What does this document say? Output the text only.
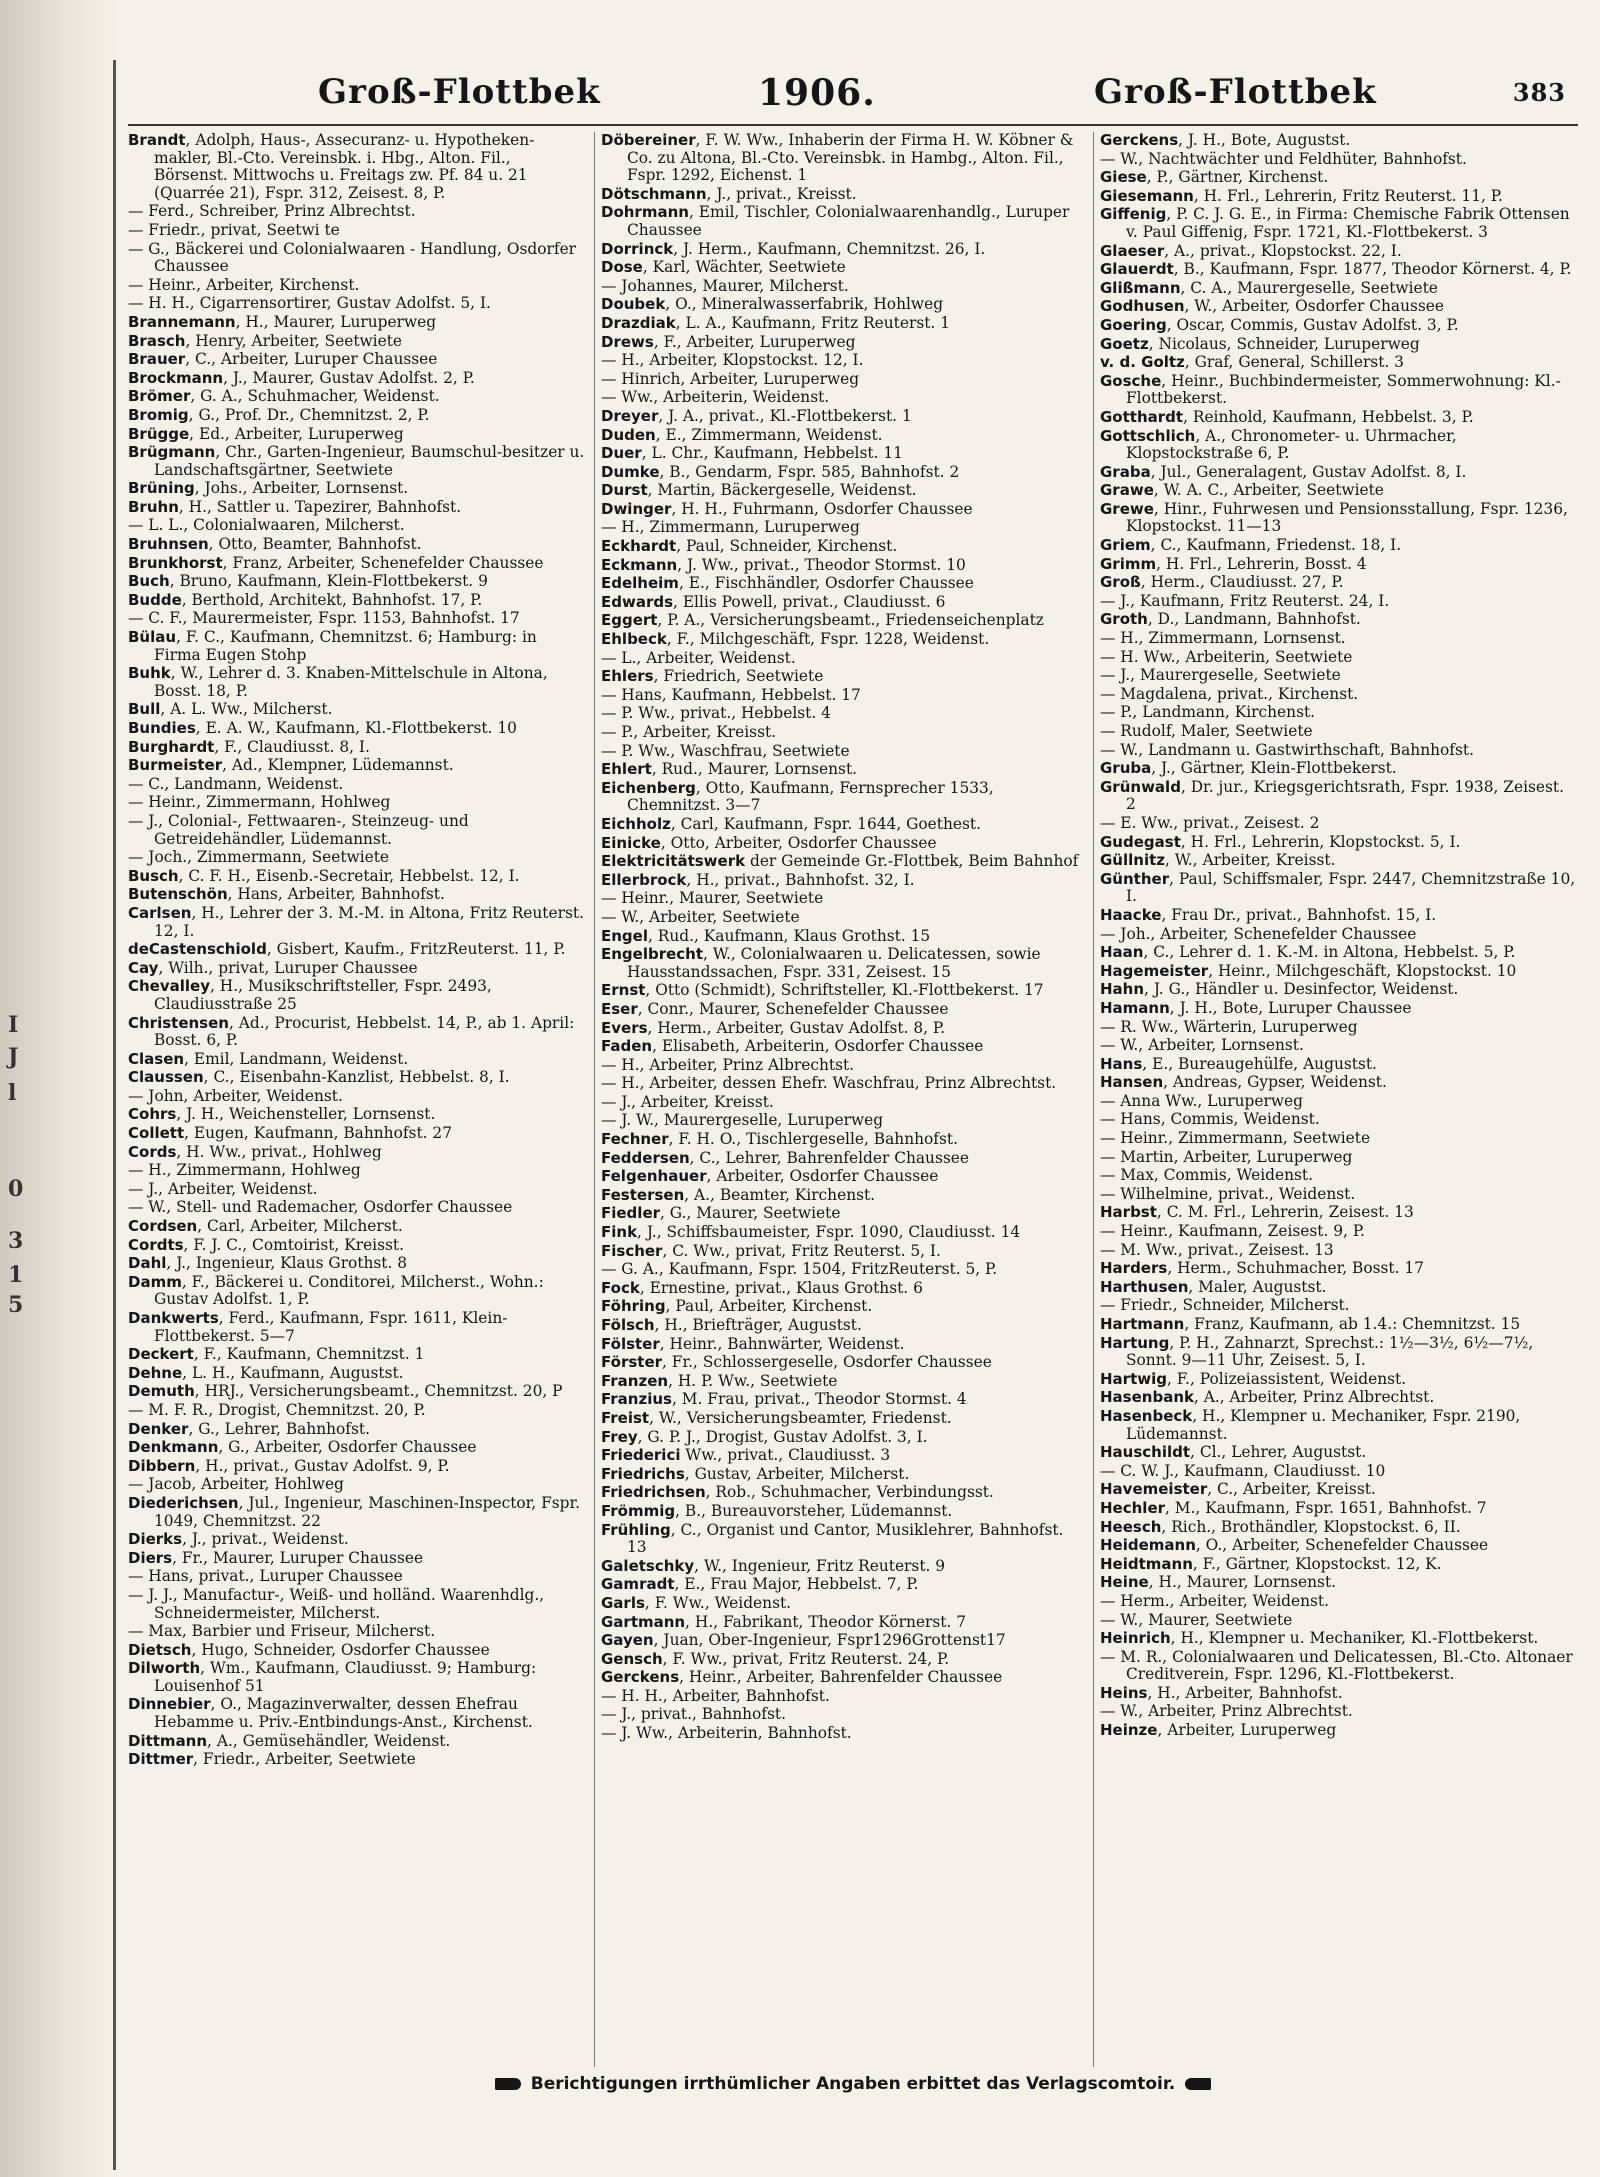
I
J
l
0
3
1
5
Groß-Flottbek	1906.	Groß-Flottbek	383
Brandt, Adolph, Haus-, Assecuranz- u. Hypotheken-makler, Bl.-Cto. Vereinsbk. i. Hbg., Alton. Fil., Börsenst. Mittwochs u. Freitags zw. Pf. 84 u. 21 (Quarrée 21), Fspr. 312, Zeisest. 8, P.
— Ferd., Schreiber, Prinz Albrechtst.
— Friedr., privat, Seetwi te
— G., Bäckerei und Colonialwaaren - Handlung, Osdorfer Chaussee
— Heinr., Arbeiter, Kirchenst.
— H. H., Cigarrensortirer, Gustav Adolfst. 5, I.
Brannemann, H., Maurer, Luruperweg
Brasch, Henry, Arbeiter, Seetwiete
Brauer, C., Arbeiter, Luruper Chaussee
Brockmann, J., Maurer, Gustav Adolfst. 2, P.
Brömer, G. A., Schuhmacher, Weidenst.
Bromig, G., Prof. Dr., Chemnitzst. 2, P.
Brügge, Ed., Arbeiter, Luruperweg
Brügmann, Chr., Garten-Ingenieur, Baumschul-besitzer u. Landschaftsgärtner, Seetwiete
Brüning, Johs., Arbeiter, Lornsenst.
Bruhn, H., Sattler u. Tapezirer, Bahnhofst.
— L. L., Colonialwaaren, Milcherst.
Bruhnsen, Otto, Beamter, Bahnhofst.
Brunkhorst, Franz, Arbeiter, Schenefelder Chaussee
Buch, Bruno, Kaufmann, Klein-Flottbekerst. 9
Budde, Berthold, Architekt, Bahnhofst. 17, P.
— C. F., Maurermeister, Fspr. 1153, Bahnhofst. 17
Bülau, F. C., Kaufmann, Chemnitzst. 6; Hamburg: in Firma Eugen Stohp
Buhk, W., Lehrer d. 3. Knaben-Mittelschule in Altona, Bosst. 18, P.
Bull, A. L. Ww., Milcherst.
Bundies, E. A. W., Kaufmann, Kl.-Flottbekerst. 10
Burghardt, F., Claudiusst. 8, I.
Burmeister, Ad., Klempner, Lüdemannst.
— C., Landmann, Weidenst.
— Heinr., Zimmermann, Hohlweg
— J., Colonial-, Fettwaaren-, Steinzeug- und Getreidehändler, Lüdemannst.
— Joch., Zimmermann, Seetwiete
Busch, C. F. H., Eisenb.-Secretair, Hebbelst. 12, I.
Butenschön, Hans, Arbeiter, Bahnhofst.
Carlsen, H., Lehrer der 3. M.-M. in Altona, Fritz Reuterst. 12, I.
deCastenschiold, Gisbert, Kaufm., FritzReuterst. 11, P.
Cay, Wilh., privat, Luruper Chaussee
Chevalley, H., Musikschriftsteller, Fspr. 2493, Claudiusstraße 25
Christensen, Ad., Procurist, Hebbelst. 14, P., ab 1. April: Bosst. 6, P.
Clasen, Emil, Landmann, Weidenst.
Claussen, C., Eisenbahn-Kanzlist, Hebbelst. 8, I.
— John, Arbeiter, Weidenst.
Cohrs, J. H., Weichensteller, Lornsenst.
Collett, Eugen, Kaufmann, Bahnhofst. 27
Cords, H. Ww., privat., Hohlweg
— H., Zimmermann, Hohlweg
— J., Arbeiter, Weidenst.
— W., Stell- und Rademacher, Osdorfer Chaussee
Cordsen, Carl, Arbeiter, Milcherst.
Cordts, F. J. C., Comtoirist, Kreisst.
Dahl, J., Ingenieur, Klaus Grothst. 8
Damm, F., Bäckerei u. Conditorei, Milcherst., Wohn.: Gustav Adolfst. 1, P.
Dankwerts, Ferd., Kaufmann, Fspr. 1611, Klein-Flottbekerst. 5—7
Deckert, F., Kaufmann, Chemnitzst. 1
Dehne, L. H., Kaufmann, Augustst.
Demuth, HRJ., Versicherungsbeamt., Chemnitzst. 20, P
— M. F. R., Drogist, Chemnitzst. 20, P.
Denker, G., Lehrer, Bahnhofst.
Denkmann, G., Arbeiter, Osdorfer Chaussee
Dibbern, H., privat., Gustav Adolfst. 9, P.
— Jacob, Arbeiter, Hohlweg
Diederichsen, Jul., Ingenieur, Maschinen-Inspector, Fspr. 1049, Chemnitzst. 22
Dierks, J., privat., Weidenst.
Diers, Fr., Maurer, Luruper Chaussee
— Hans, privat., Luruper Chaussee
— J. J., Manufactur-, Weiß- und holländ. Waarenhdlg., Schneidermeister, Milcherst.
— Max, Barbier und Friseur, Milcherst.
Dietsch, Hugo, Schneider, Osdorfer Chaussee
Dilworth, Wm., Kaufmann, Claudiusst. 9; Hamburg: Louisenhof 51
Dinnebier, O., Magazinverwalter, dessen Ehefrau Hebamme u. Priv.-Entbindungs-Anst., Kirchenst.
Dittmann, A., Gemüsehändler, Weidenst.
Dittmer, Friedr., Arbeiter, Seetwiete
Döbereiner, F. W. Ww., Inhaberin der Firma H. W. Köbner & Co. zu Altona, Bl.-Cto. Vereinsbk. in Hambg., Alton. Fil., Fspr. 1292, Eichenst. 1
Dötschmann, J., privat., Kreisst.
Dohrmann, Emil, Tischler, Colonialwaarenhandlg., Luruper Chaussee
Dorrinck, J. Herm., Kaufmann, Chemnitzst. 26, I.
Dose, Karl, Wächter, Seetwiete
— Johannes, Maurer, Milcherst.
Doubek, O., Mineralwasserfabrik, Hohlweg
Drazdiak, L. A., Kaufmann, Fritz Reuterst. 1
Drews, F., Arbeiter, Luruperweg
— H., Arbeiter, Klopstockst. 12, I.
— Hinrich, Arbeiter, Luruperweg
— Ww., Arbeiterin, Weidenst.
Dreyer, J. A., privat., Kl.-Flottbekerst. 1
Duden, E., Zimmermann, Weidenst.
Duer, L. Chr., Kaufmann, Hebbelst. 11
Dumke, B., Gendarm, Fspr. 585, Bahnhofst. 2
Durst, Martin, Bäckergeselle, Weidenst.
Dwinger, H. H., Fuhrmann, Osdorfer Chaussee
— H., Zimmermann, Luruperweg
Eckhardt, Paul, Schneider, Kirchenst.
Eckmann, J. Ww., privat., Theodor Stormst. 10
Edelheim, E., Fischhändler, Osdorfer Chaussee
Edwards, Ellis Powell, privat., Claudiusst. 6
Eggert, P. A., Versicherungsbeamt., Friedenseichenplatz
Ehlbeck, F., Milchgeschäft, Fspr. 1228, Weidenst.
— L., Arbeiter, Weidenst.
Ehlers, Friedrich, Seetwiete
— Hans, Kaufmann, Hebbelst. 17
— P. Ww., privat., Hebbelst. 4
— P., Arbeiter, Kreisst.
— P. Ww., Waschfrau, Seetwiete
Ehlert, Rud., Maurer, Lornsenst.
Eichenberg, Otto, Kaufmann, Fernsprecher 1533, Chemnitzst. 3—7
Eichholz, Carl, Kaufmann, Fspr. 1644, Goethest.
Einicke, Otto, Arbeiter, Osdorfer Chaussee
Elektricitätswerk der Gemeinde Gr.-Flottbek, Beim Bahnhof
Ellerbrock, H., privat., Bahnhofst. 32, I.
— Heinr., Maurer, Seetwiete
— W., Arbeiter, Seetwiete
Engel, Rud., Kaufmann, Klaus Grothst. 15
Engelbrecht, W., Colonialwaaren u. Delicatessen, sowie Hausstandssachen, Fspr. 331, Zeisest. 15
Ernst, Otto (Schmidt), Schriftsteller, Kl.-Flottbekerst. 17
Eser, Conr., Maurer, Schenefelder Chaussee
Evers, Herm., Arbeiter, Gustav Adolfst. 8, P.
Faden, Elisabeth, Arbeiterin, Osdorfer Chaussee
— H., Arbeiter, Prinz Albrechtst.
— H., Arbeiter, dessen Ehefr. Waschfrau, Prinz Albrechtst.
— J., Arbeiter, Kreisst.
— J. W., Maurergeselle, Luruperweg
Fechner, F. H. O., Tischlergeselle, Bahnhofst.
Feddersen, C., Lehrer, Bahrenfelder Chaussee
Felgenhauer, Arbeiter, Osdorfer Chaussee
Festersen, A., Beamter, Kirchenst.
Fiedler, G., Maurer, Seetwiete
Fink, J., Schiffsbaumeister, Fspr. 1090, Claudiusst. 14
Fischer, C. Ww., privat, Fritz Reuterst. 5, I.
— G. A., Kaufmann, Fspr. 1504, FritzReuterst. 5, P.
Fock, Ernestine, privat., Klaus Grothst. 6
Föhring, Paul, Arbeiter, Kirchenst.
Fölsch, H., Briefträger, Augustst.
Fölster, Heinr., Bahnwärter, Weidenst.
Förster, Fr., Schlossergeselle, Osdorfer Chaussee
Franzen, H. P. Ww., Seetwiete
Franzius, M. Frau, privat., Theodor Stormst. 4
Freist, W., Versicherungsbeamter, Friedenst.
Frey, G. P. J., Drogist, Gustav Adolfst. 3, I.
Friederici Ww., privat., Claudiusst. 3
Friedrichs, Gustav, Arbeiter, Milcherst.
Friedrichsen, Rob., Schuhmacher, Verbindungsst.
Frömmig, B., Bureauvorsteher, Lüdemannst.
Frühling, C., Organist und Cantor, Musiklehrer, Bahnhofst. 13
Galetschky, W., Ingenieur, Fritz Reuterst. 9
Gamradt, E., Frau Major, Hebbelst. 7, P.
Garls, F. Ww., Weidenst.
Gartmann, H., Fabrikant, Theodor Körnerst. 7
Gayen, Juan, Ober-Ingenieur, Fspr1296Grottenst17
Gensch, F. Ww., privat, Fritz Reuterst. 24, P.
Gerckens, Heinr., Arbeiter, Bahrenfelder Chaussee
— H. H., Arbeiter, Bahnhofst.
— J., privat., Bahnhofst.
— J. Ww., Arbeiterin, Bahnhofst.
Gerckens, J. H., Bote, Augustst.
— W., Nachtwächter und Feldhüter, Bahnhofst.
Giese, P., Gärtner, Kirchenst.
Giesemann, H. Frl., Lehrerin, Fritz Reuterst. 11, P.
Giffenig, P. C. J. G. E., in Firma: Chemische Fabrik Ottensen v. Paul Giffenig, Fspr. 1721, Kl.-Flottbekerst. 3
Glaeser, A., privat., Klopstockst. 22, I.
Glauerdt, B., Kaufmann, Fspr. 1877, Theodor Körnerst. 4, P.
Glißmann, C. A., Maurergeselle, Seetwiete
Godhusen, W., Arbeiter, Osdorfer Chaussee
Goering, Oscar, Commis, Gustav Adolfst. 3, P.
Goetz, Nicolaus, Schneider, Luruperweg
v. d. Goltz, Graf, General, Schillerst. 3
Gosche, Heinr., Buchbindermeister, Sommerwohnung: Kl.-Flottbekerst.
Gotthardt, Reinhold, Kaufmann, Hebbelst. 3, P.
Gottschlich, A., Chronometer- u. Uhrmacher, Klopstockstraße 6, P.
Graba, Jul., Generalagent, Gustav Adolfst. 8, I.
Grawe, W. A. C., Arbeiter, Seetwiete
Grewe, Hinr., Fuhrwesen und Pensionsstallung, Fspr. 1236, Klopstockst. 11—13
Griem, C., Kaufmann, Friedenst. 18, I.
Grimm, H. Frl., Lehrerin, Bosst. 4
Groß, Herm., Claudiusst. 27, P.
— J., Kaufmann, Fritz Reuterst. 24, I.
Groth, D., Landmann, Bahnhofst.
— H., Zimmermann, Lornsenst.
— H. Ww., Arbeiterin, Seetwiete
— J., Maurergeselle, Seetwiete
— Magdalena, privat., Kirchenst.
— P., Landmann, Kirchenst.
— Rudolf, Maler, Seetwiete
— W., Landmann u. Gastwirthschaft, Bahnhofst.
Gruba, J., Gärtner, Klein-Flottbekerst.
Grünwald, Dr. jur., Kriegsgerichtsrath, Fspr. 1938, Zeisest. 2
— E. Ww., privat., Zeisest. 2
Gudegast, H. Frl., Lehrerin, Klopstockst. 5, I.
Güllnitz, W., Arbeiter, Kreisst.
Günther, Paul, Schiffsmaler, Fspr. 2447, Chemnitzstraße 10, I.
Haacke, Frau Dr., privat., Bahnhofst. 15, I.
— Joh., Arbeiter, Schenefelder Chaussee
Haan, C., Lehrer d. 1. K.-M. in Altona, Hebbelst. 5, P.
Hagemeister, Heinr., Milchgeschäft, Klopstockst. 10
Hahn, J. G., Händler u. Desinfector, Weidenst.
Hamann, J. H., Bote, Luruper Chaussee
— R. Ww., Wärterin, Luruperweg
— W., Arbeiter, Lornsenst.
Hans, E., Bureaugehülfe, Augustst.
Hansen, Andreas, Gypser, Weidenst.
— Anna Ww., Luruperweg
— Hans, Commis, Weidenst.
— Heinr., Zimmermann, Seetwiete
— Martin, Arbeiter, Luruperweg
— Max, Commis, Weidenst.
— Wilhelmine, privat., Weidenst.
Harbst, C. M. Frl., Lehrerin, Zeisest. 13
— Heinr., Kaufmann, Zeisest. 9, P.
— M. Ww., privat., Zeisest. 13
Harders, Herm., Schuhmacher, Bosst. 17
Harthusen, Maler, Augustst.
— Friedr., Schneider, Milcherst.
Hartmann, Franz, Kaufmann, ab 1.4.: Chemnitzst. 15
Hartung, P. H., Zahnarzt, Sprechst.: 1½—3½, 6½—7½, Sonnt. 9—11 Uhr, Zeisest. 5, I.
Hartwig, F., Polizeiassistent, Weidenst.
Hasenbank, A., Arbeiter, Prinz Albrechtst.
Hasenbeck, H., Klempner u. Mechaniker, Fspr. 2190, Lüdemannst.
Hauschildt, Cl., Lehrer, Augustst.
— C. W. J., Kaufmann, Claudiusst. 10
Havemeister, C., Arbeiter, Kreisst.
Hechler, M., Kaufmann, Fspr. 1651, Bahnhofst. 7
Heesch, Rich., Brothändler, Klopstockst. 6, II.
Heidemann, O., Arbeiter, Schenefelder Chaussee
Heidtmann, F., Gärtner, Klopstockst. 12, K.
Heine, H., Maurer, Lornsenst.
— Herm., Arbeiter, Weidenst.
— W., Maurer, Seetwiete
Heinrich, H., Klempner u. Mechaniker, Kl.-Flottbekerst.
— M. R., Colonialwaaren und Delicatessen, Bl.-Cto. Altonaer Creditverein, Fspr. 1296, Kl.-Flottbekerst.
Heins, H., Arbeiter, Bahnhofst.
— W., Arbeiter, Prinz Albrechtst.
Heinze, Arbeiter, Luruperweg
Berichtigungen irrthümlicher Angaben erbittet das Verlagscomtoir.
